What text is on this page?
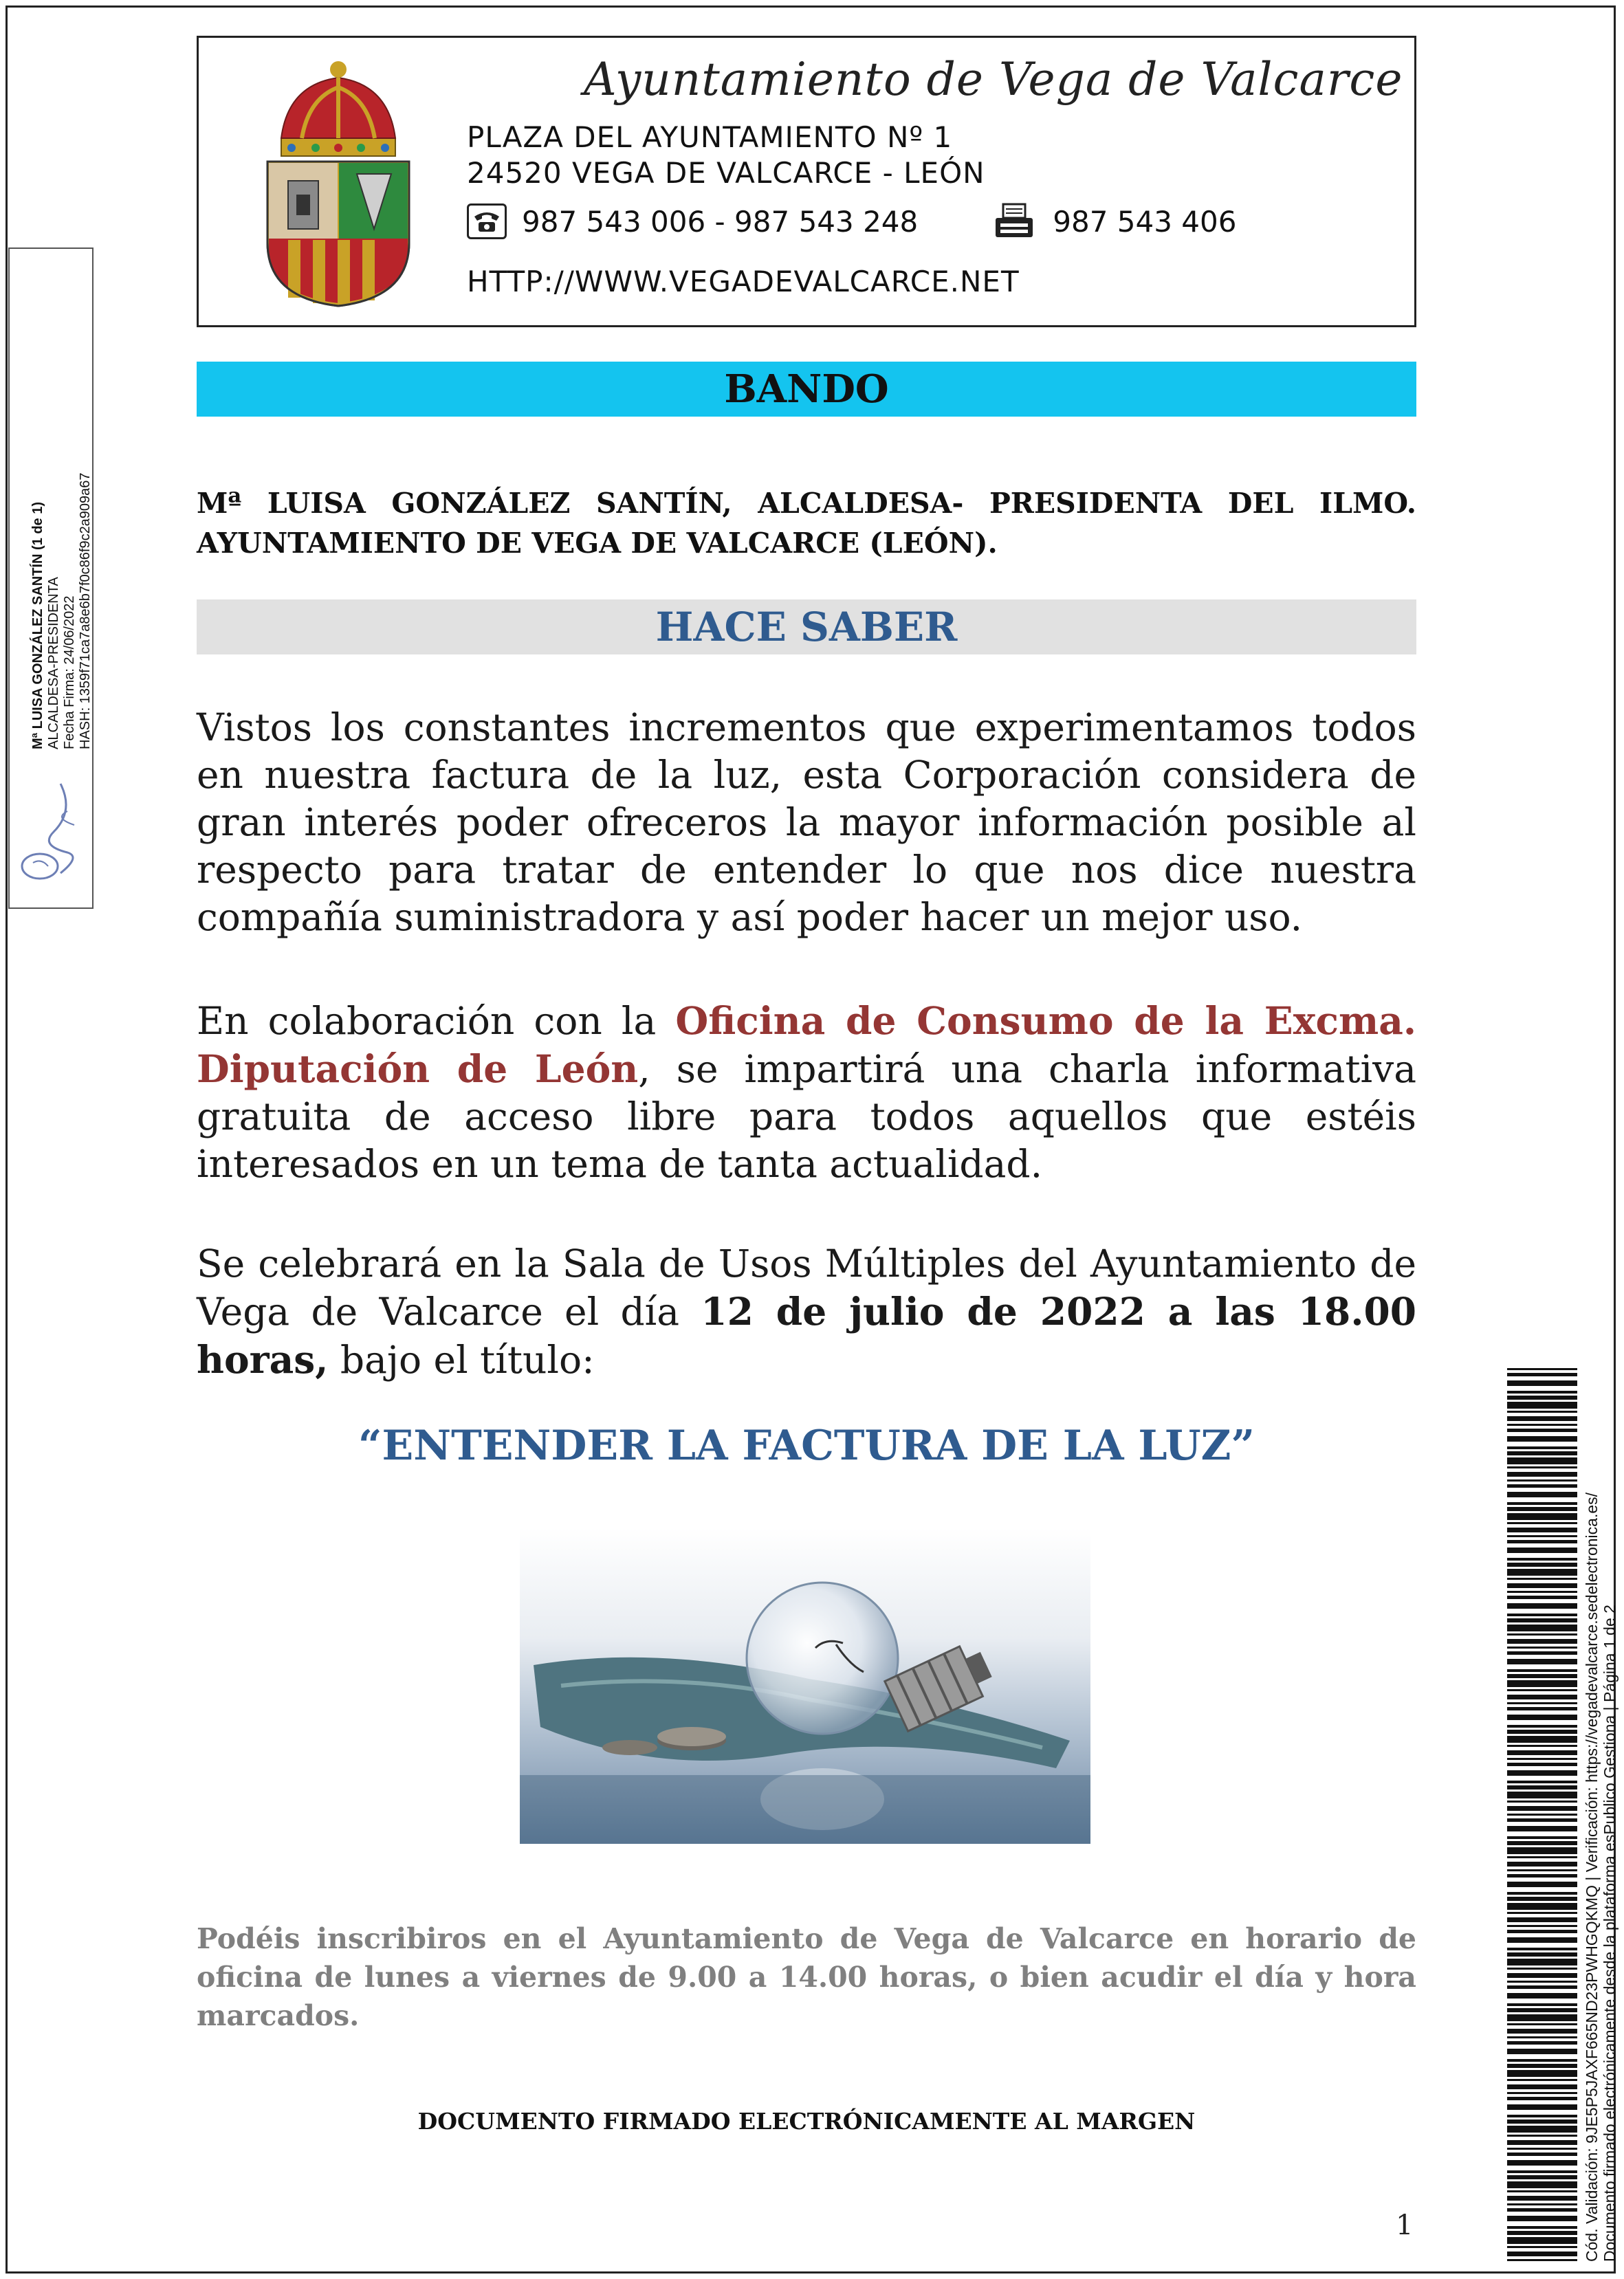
Ayuntamiento de Vega de Valcarce
PLAZA DEL AYUNTAMIENTO Nº 1
24520 VEGA DE VALCARCE - LEÓN
987 543 006 - 987 543 248	987 543 406
HTTP://WWW.VEGADEVALCARCE.NET
BANDO
Mª LUISA GONZÁLEZ SANTÍN, ALCALDESA- PRESIDENTA DEL ILMO.
AYUNTAMIENTO DE VEGA DE VALCARCE (LEÓN).
HACE SABER
Vistos los constantes incrementos que experimentamos todos en nuestra factura de la luz, esta Corporación considera de gran interés poder ofreceros la mayor información posible al respecto para tratar de entender lo que nos dice nuestra compañía suministradora y así poder hacer un mejor uso.
En colaboración con la Oficina de Consumo de la Excma. Diputación de León, se impartirá una charla informativa gratuita de acceso libre para todos aquellos que estéis interesados en un tema de tanta actualidad.
Se celebrará en la Sala de Usos Múltiples del Ayuntamiento de Vega de Valcarce el día 12 de julio de 2022 a las 18.00 horas, bajo el título:
“ENTENDER LA FACTURA DE LA LUZ”
Podéis inscribiros en el Ayuntamiento de Vega de Valcarce en horario de oficina de lunes a viernes de 9.00 a 14.00 horas, o bien acudir el día y hora marcados.
DOCUMENTO FIRMADO ELECTRÓNICAMENTE AL MARGEN
1
Mª LUISA GONZÁLEZ SANTÍN (1 de 1) ALCALDESA-PRESIDENTA Fecha Firma: 24/06/2022 HASH: 1359f71ca7a8e6b7f0c86f9c2a909a67
Cód. Validación: 9JE5P5JAXF665ND23PWHGQKMQ | Verificación: https://vegadevalcarce.sedelectronica.es/ Documento firmado electrónicamente desde la plataforma esPublico Gestiona | Página 1 de 2
